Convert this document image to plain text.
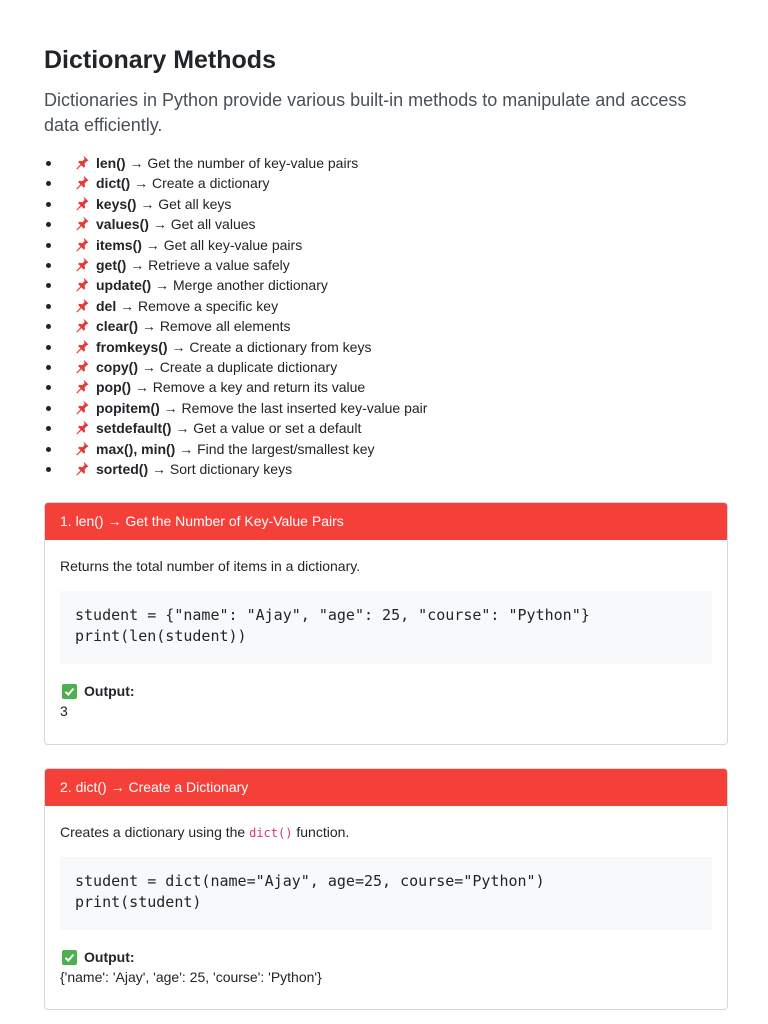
Dictionary Methods

Dictionaries in Python provide various built-in methods to manipulate and access data efficiently.

len() → Get the number of key-value pairs
dict() → Create a dictionary
keys() → Get all keys
values() → Get all values
items() → Get all key-value pairs
get() → Retrieve a value safely
update() → Merge another dictionary
del → Remove a specific key
clear() → Remove all elements
fromkeys() → Create a dictionary from keys
copy() → Create a duplicate dictionary
pop() → Remove a key and return its value
popitem() → Remove the last inserted key-value pair
setdefault() → Get a value or set a default
max(), min() → Find the largest/smallest key
sorted() → Sort dictionary keys
1. len() → Get the Number of Key-Value Pairs

Returns the total number of items in a dictionary.

student = {"name": "Ajay", "age": 25, "course": "Python"}
print(len(student))
Output:
3
2. dict() → Create a Dictionary

Creates a dictionary using the dict() function.

student = dict(name="Ajay", age=25, course="Python")
print(student)
Output:
{'name': 'Ajay', 'age': 25, 'course': 'Python'}
